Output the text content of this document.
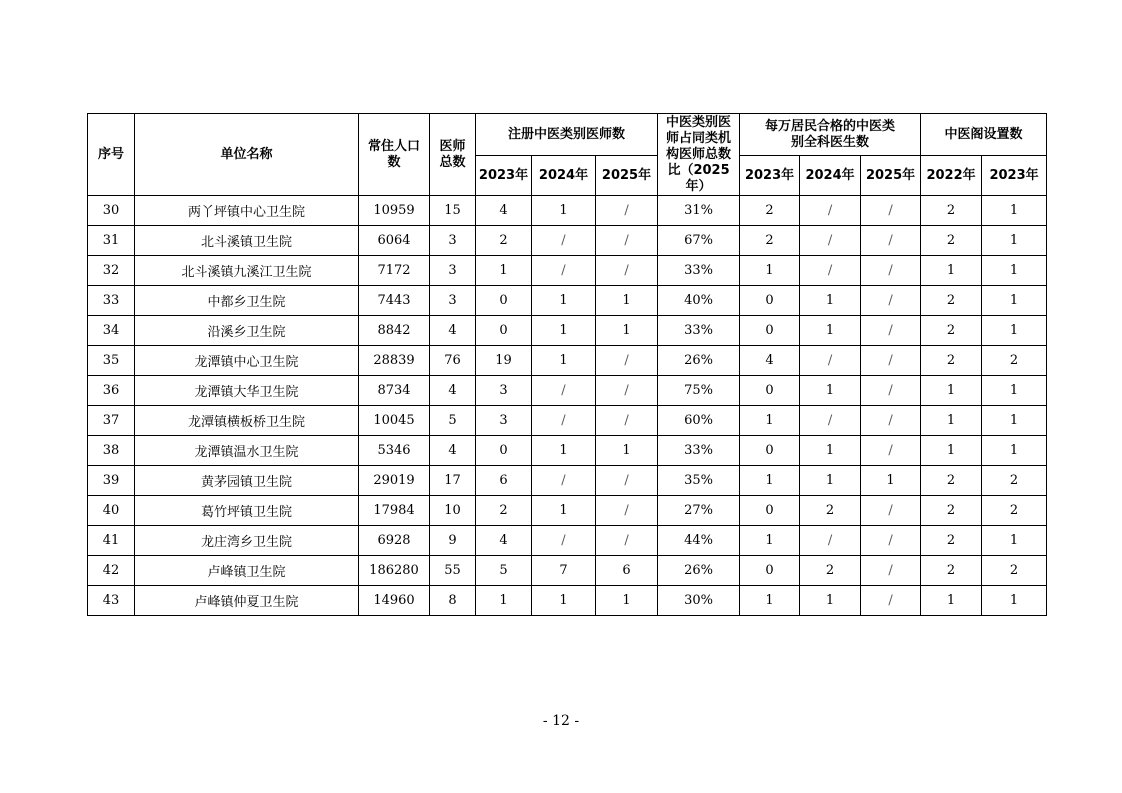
序号	单位名称	常住人口数	医师总数	注册中医类别医师数			中医类别医师占同类机构医师总数比（2025年）	每万居民合格的中医类别全科医生数			中医阁设置数	
				2023年	2024年	2025年		2023年	2024年	2025年	2022年	2023年
30	两丫坪镇中心卫生院	10959	15	4	1	/	31%	2	/	/	2	1
31	北斗溪镇卫生院	6064	3	2	/	/	67%	2	/	/	2	1
32	北斗溪镇九溪江卫生院	7172	3	1	/	/	33%	1	/	/	1	1
33	中都乡卫生院	7443	3	0	1	1	40%	0	1	/	2	1
34	沿溪乡卫生院	8842	4	0	1	1	33%	0	1	/	2	1
35	龙潭镇中心卫生院	28839	76	19	1	/	26%	4	/	/	2	2
36	龙潭镇大华卫生院	8734	4	3	/	/	75%	0	1	/	1	1
37	龙潭镇横板桥卫生院	10045	5	3	/	/	60%	1	/	/	1	1
38	龙潭镇温水卫生院	5346	4	0	1	1	33%	0	1	/	1	1
39	黄茅园镇卫生院	29019	17	6	/	/	35%	1	1	1	2	2
40	葛竹坪镇卫生院	17984	10	2	1	/	27%	0	2	/	2	2
41	龙庄湾乡卫生院	6928	9	4	/	/	44%	1	/	/	2	1
42	卢峰镇卫生院	186280	55	5	7	6	26%	0	2	/	2	2
43	卢峰镇仲夏卫生院	14960	8	1	1	1	30%	1	1	/	1	1
- 12 -
